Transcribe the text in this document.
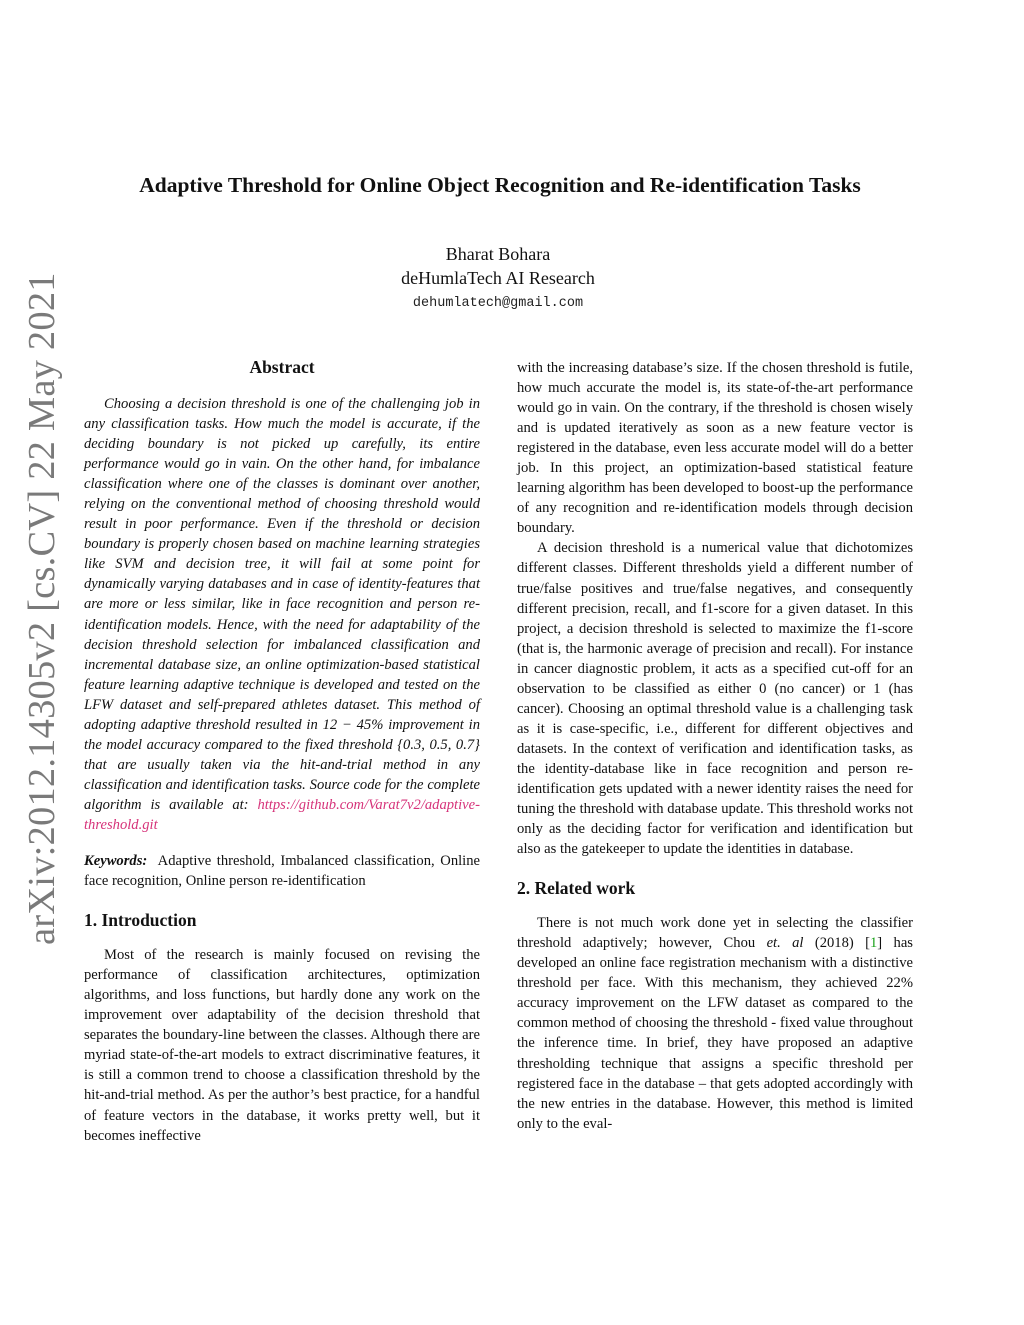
arXiv:2012.14305v2 [cs.CV] 22 May 2021
Adaptive Threshold for Online Object Recognition and Re-identification Tasks
Bharat Bohara
deHumlaTech AI Research
dehumlatech@gmail.com
Abstract

Choosing a decision threshold is one of the challenging job in any classification tasks. How much the model is accurate, if the deciding boundary is not picked up carefully, its entire performance would go in vain. On the other hand, for imbalance classification where one of the classes is dominant over another, relying on the conventional method of choosing threshold would result in poor performance. Even if the threshold or decision boundary is properly chosen based on machine learning strategies like SVM and decision tree, it will fail at some point for dynamically varying databases and in case of identity-features that are more or less similar, like in face recognition and person re-identification models. Hence, with the need for adaptability of the decision threshold selection for imbalanced classification and incremental database size, an online optimization-based statistical feature learning adaptive technique is developed and tested on the LFW dataset and self-prepared athletes dataset. This method of adopting adaptive threshold resulted in 12 − 45% improvement in the model accuracy compared to the fixed threshold {0.3, 0.5, 0.7} that are usually taken via the hit-and-trial method in any classification and identification tasks. Source code for the complete algorithm is available at: https://github.com/Varat7v2/adaptive-threshold.git

Keywords: Adaptive threshold, Imbalanced classification, Online face recognition, Online person re-identification

1. Introduction

Most of the research is mainly focused on revising the performance of classification architectures, optimization algorithms, and loss functions, but hardly done any work on the improvement over adaptability of the decision threshold that separates the boundary-line between the classes. Although there are myriad state-of-the-art models to extract discriminative features, it is still a common trend to choose a classification threshold by the hit-and-trial method. As per the author’s best practice, for a handful of feature vectors in the database, it works pretty well, but it becomes ineffective

with the increasing database’s size. If the chosen threshold is futile, how much accurate the model is, its state-of-the-art performance would go in vain. On the contrary, if the threshold is chosen wisely and is updated iteratively as soon as a new feature vector is registered in the database, even less accurate model will do a better job. In this project, an optimization-based statistical feature learning algorithm has been developed to boost-up the performance of any recognition and re-identification models through decision boundary.

A decision threshold is a numerical value that dichotomizes different classes. Different thresholds yield a different number of true/false positives and true/false negatives, and consequently different precision, recall, and f1-score for a given dataset. In this project, a decision threshold is selected to maximize the f1-score (that is, the harmonic average of precision and recall). For instance in cancer diagnostic problem, it acts as a specified cut-off for an observation to be classified as either 0 (no cancer) or 1 (has cancer). Choosing an optimal threshold value is a challenging task as it is case-specific, i.e., different for different objectives and datasets. In the context of verification and identification tasks, as the identity-database like in face recognition and person re-identification gets updated with a newer identity raises the need for tuning the threshold with database update. This threshold works not only as the deciding factor for verification and identification but also as the gatekeeper to update the identities in database.

2. Related work

There is not much work done yet in selecting the classifier threshold adaptively; however, Chou et. al (2018) [1] has developed an online face registration mechanism with a distinctive threshold per face. With this mechanism, they achieved 22% accuracy improvement on the LFW dataset as compared to the common method of choosing the threshold - fixed value throughout the inference time. In brief, they have proposed an adaptive thresholding technique that assigns a specific threshold per registered face in the database – that gets adopted accordingly with the new entries in the database. However, this method is limited only to the eval-
